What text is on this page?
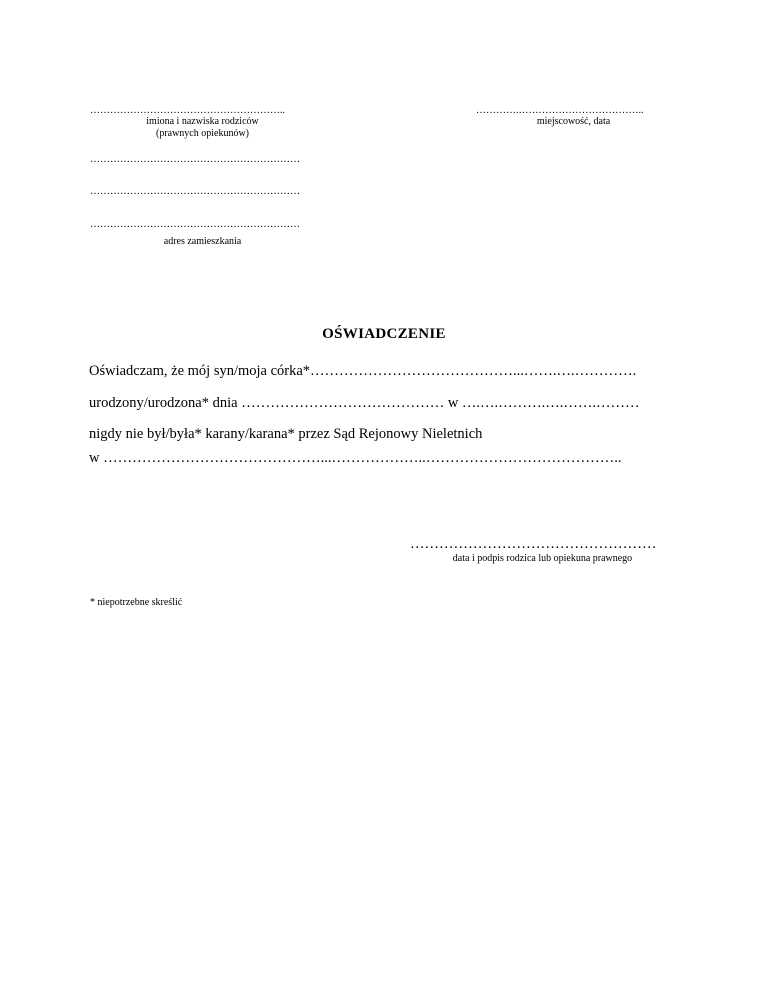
…………………………………………………..
imiona i nazwiska rodziców
(prawnych opiekunów)
………….………………………………..
miejscowość, data
………………………………………………………
………………………………………………………
………………………………………………………
adres zamieszkania
OŚWIADCZENIE
Oświadczam, że mój syn/moja córka*……………………………………...…….….………….
urodzony/urodzona* dnia …………………………………… w ….….……….….…….………
nigdy nie był/była* karany/karana* przez Sąd Rejonowy Nieletnich
w ………………………………………...………………..…………………………………..
……………………………………………
data i podpis rodzica lub opiekuna prawnego
* niepotrzebne skreślić
